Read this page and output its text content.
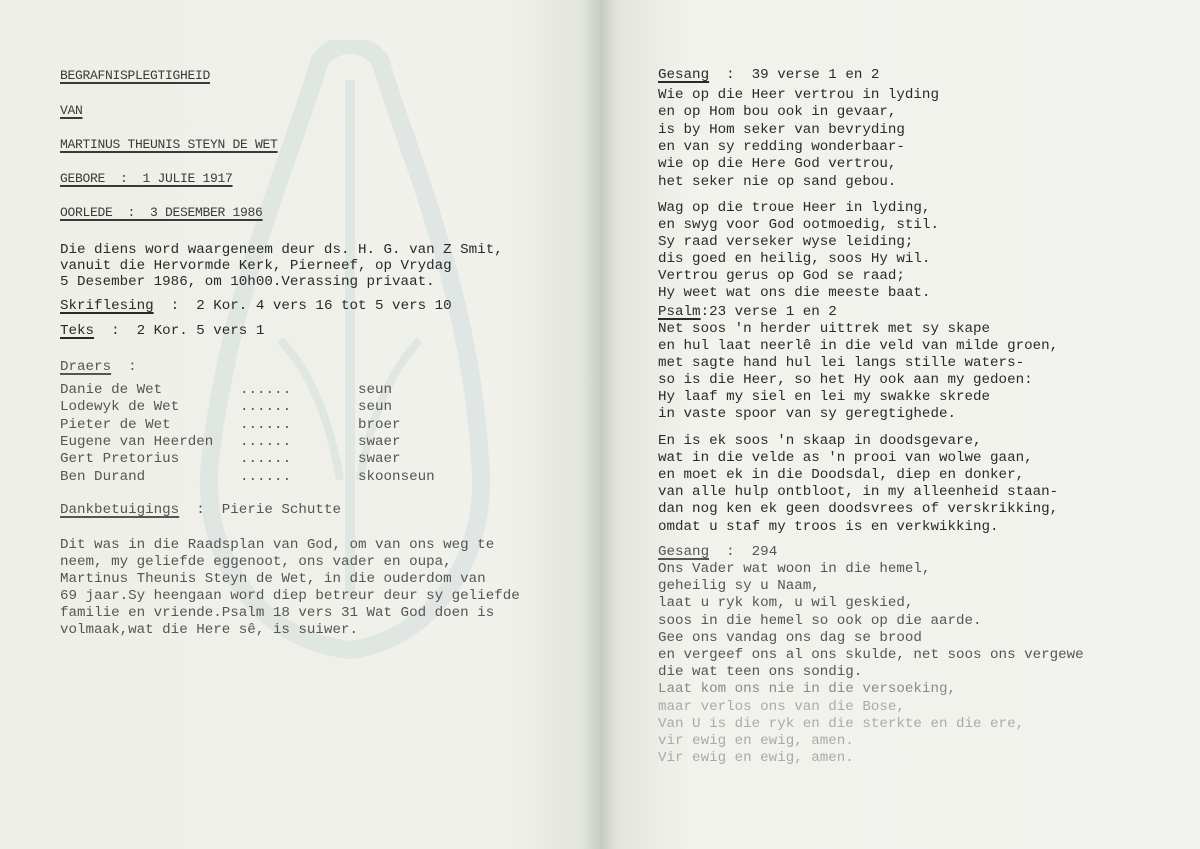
BEGRAFNISPLEGTIGHEID
VAN
MARTINUS THEUNIS STEYN DE WET
GEBORE  :  1 JULIE 1917
OORLEDE  :  3 DESEMBER 1986
Die diens word waargeneem deur ds. H. G. van Z Smit,
vanuit die Hervormde Kerk, Pierneef, op Vrydag
5 Desember 1986, om 10h00.Verassing privaat.
Skriflesing  :  2 Kor. 4 vers 16 tot 5 vers 10
Teks  :  2 Kor. 5 vers 1
Draers  :
Danie de Wet	......	seun
Lodewyk de Wet	......	seun
Pieter de Wet	......	broer
Eugene van Heerden ......	swaer
Gert Pretorius	......	swaer
Ben Durand	......	skoonseun
Dankbetuigings  :  Pierie Schutte
Dit was in die Raadsplan van God, om van ons weg te
neem, my geliefde eggenoot, ons vader en oupa,
Martinus Theunis Steyn de Wet, in die ouderdom van
69 jaar.Sy heengaan word diep betreur deur sy geliefde
familie en vriende.Psalm 18 vers 31 Wat God doen is
volmaak,wat die Here sê, is suiwer.
Gesang  :  39 verse 1 en 2
Wie op die Heer vertrou in lyding
en op Hom bou ook in gevaar,
is by Hom seker van bevryding
en van sy redding wonderbaar-
wie op die Here God vertrou,
het seker nie op sand gebou.
Wag op die troue Heer in lyding,
en swyg voor God ootmoedig, stil.
Sy raad verseker wyse leiding;
dis goed en heilig, soos Hy wil.
Vertrou gerus op God se raad;
Hy weet wat ons die meeste baat.
Psalm:23 verse 1 en 2
Net soos 'n herder uittrek met sy skape
en hul laat neerlê in die veld van milde groen,
met sagte hand hul lei langs stille waters-
so is die Heer, so het Hy ook aan my gedoen:
Hy laaf my siel en lei my swakke skrede
in vaste spoor van sy geregtighede.
En is ek soos 'n skaap in doodsgevare,
wat in die velde as 'n prooi van wolwe gaan,
en moet ek in die Doodsdal, diep en donker,
van alle hulp ontbloot, in my alleenheid staan-
dan nog ken ek geen doodsvrees of verskrikking,
omdat u staf my troos is en verkwikking.
Gesang  :  294
Ons Vader wat woon in die hemel,
geheilig sy u Naam,
laat u ryk kom, u wil geskied,
soos in die hemel so ook op die aarde.
Gee ons vandag ons dag se brood
en vergeef ons al ons skulde, net soos ons vergewe
die wat teen ons sondig.
Laat kom ons nie in die versoeking,
maar verlos ons van die Bose,
Van U is die ryk en die sterkte en die ere,
vir ewig en ewig, amen.
Vir ewig en ewig, amen.
